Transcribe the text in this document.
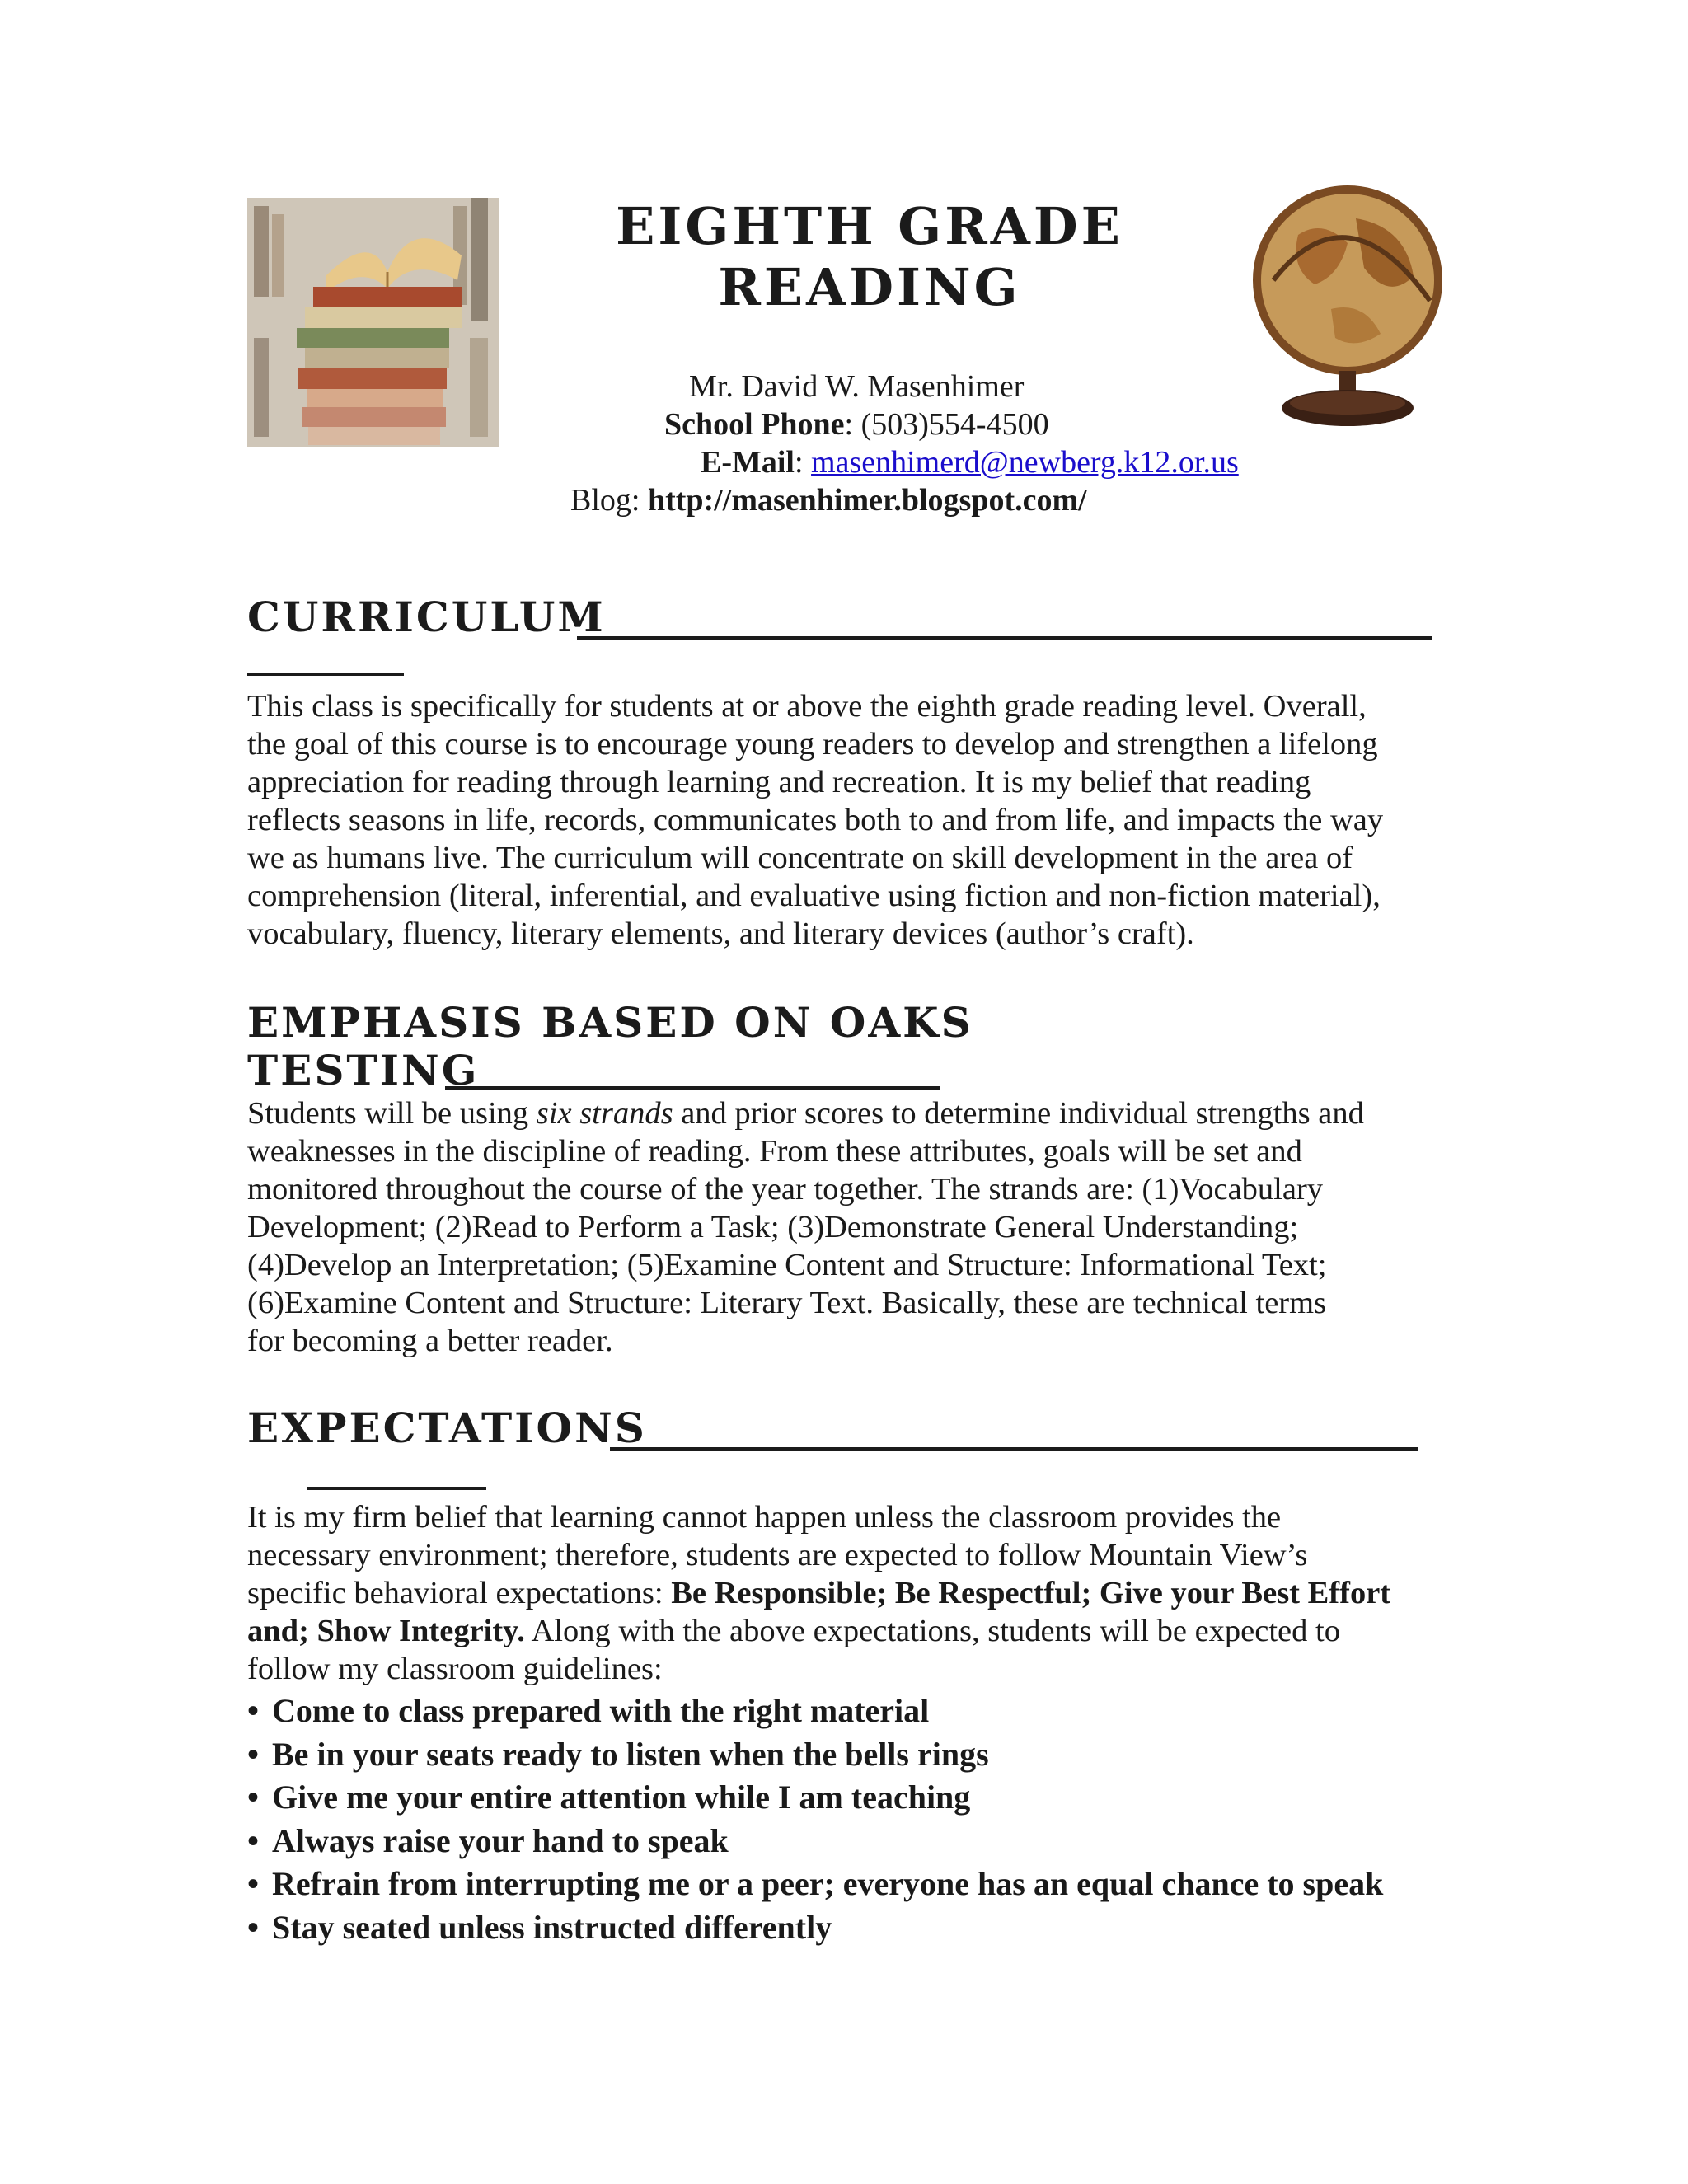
EIGHTH GRADE
READING
Mr. David W. Masenhimer
School Phone: (503)554-4500
E-Mail: masenhimerd@newberg.k12.or.us
Blog: http://masenhimer.blogspot.com/
CURRICULUM
This class is specifically for students at or above the eighth grade reading level. Overall,
the goal of this course is to encourage young readers to develop and strengthen a lifelong
appreciation for reading through learning and recreation. It is my belief that reading
reflects seasons in life, records, communicates both to and from life, and impacts the way
we as humans live. The curriculum will concentrate on skill development in the area of
comprehension (literal, inferential, and evaluative using fiction and non-fiction material),
vocabulary, fluency, literary elements, and literary devices (author’s craft).
EMPHASIS BASED ON OAKS
TESTING
Students will be using six strands and prior scores to determine individual strengths and
weaknesses in the discipline of reading. From these attributes, goals will be set and
monitored throughout the course of the year together. The strands are: (1)Vocabulary
Development; (2)Read to Perform a Task; (3)Demonstrate General Understanding;
(4)Develop an Interpretation; (5)Examine Content and Structure: Informational Text;
(6)Examine Content and Structure: Literary Text. Basically, these are technical terms
for becoming a better reader.
EXPECTATIONS
It is my firm belief that learning cannot happen unless the classroom provides the
necessary environment; therefore, students are expected to follow Mountain View’s
specific behavioral expectations: Be Responsible; Be Respectful; Give your Best Effort
and; Show Integrity. Along with the above expectations, students will be expected to
follow my classroom guidelines:
• Come to class prepared with the right material
• Be in your seats ready to listen when the bells rings
• Give me your entire attention while I am teaching
• Always raise your hand to speak
• Refrain from interrupting me or a peer; everyone has an equal chance to speak
• Stay seated unless instructed differently
